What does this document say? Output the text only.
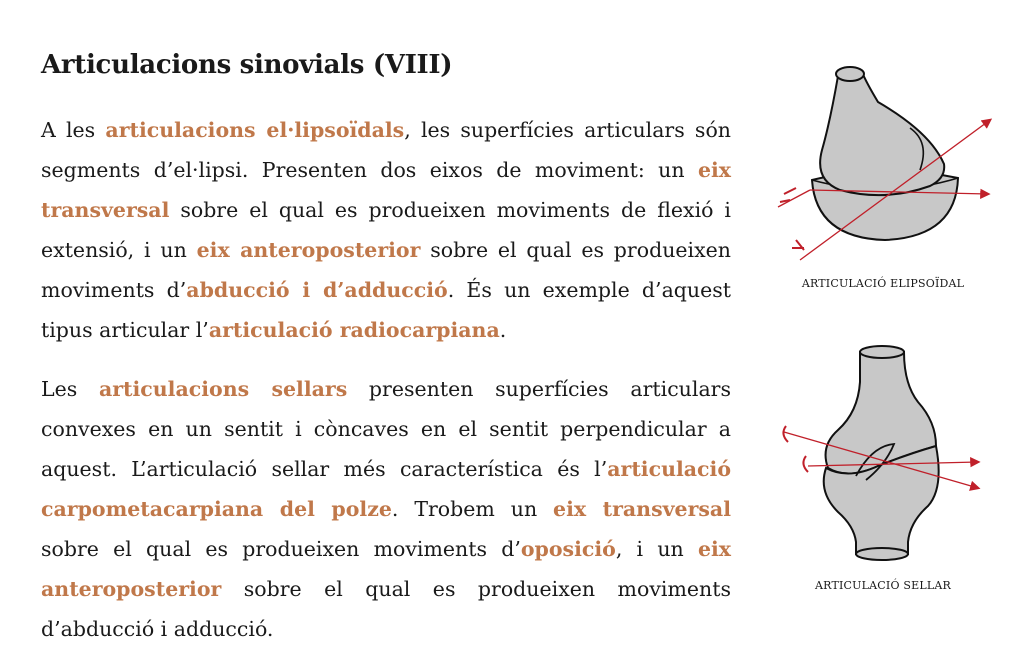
Articulacions sinovials (VIII)

A les articulacions el·lipsoïdals, les superfícies articulars són segments d’el·lipsi. Presenten dos eixos de moviment: un eix transversal sobre el qual es produeixen moviments de flexió i extensió, i un eix anteroposterior sobre el qual es produeixen moviments d’abducció i d’adducció. És un exemple d’aquest tipus articular l’articulació radiocarpiana.

Les articulacions sellars presenten superfícies articulars convexes en un sentit i còncaves en el sentit perpendicular a aquest. L’articulació sellar més característica és l’articulació carpometacarpiana del polze. Trobem un eix transversal sobre el qual es produeixen moviments d’oposició, i un eix anteroposterior sobre el qual es produeixen moviments d’abducció i adducció.

ARTICULACIÓ ELIPSOÏDAL
ARTICULACIÓ SELLAR
